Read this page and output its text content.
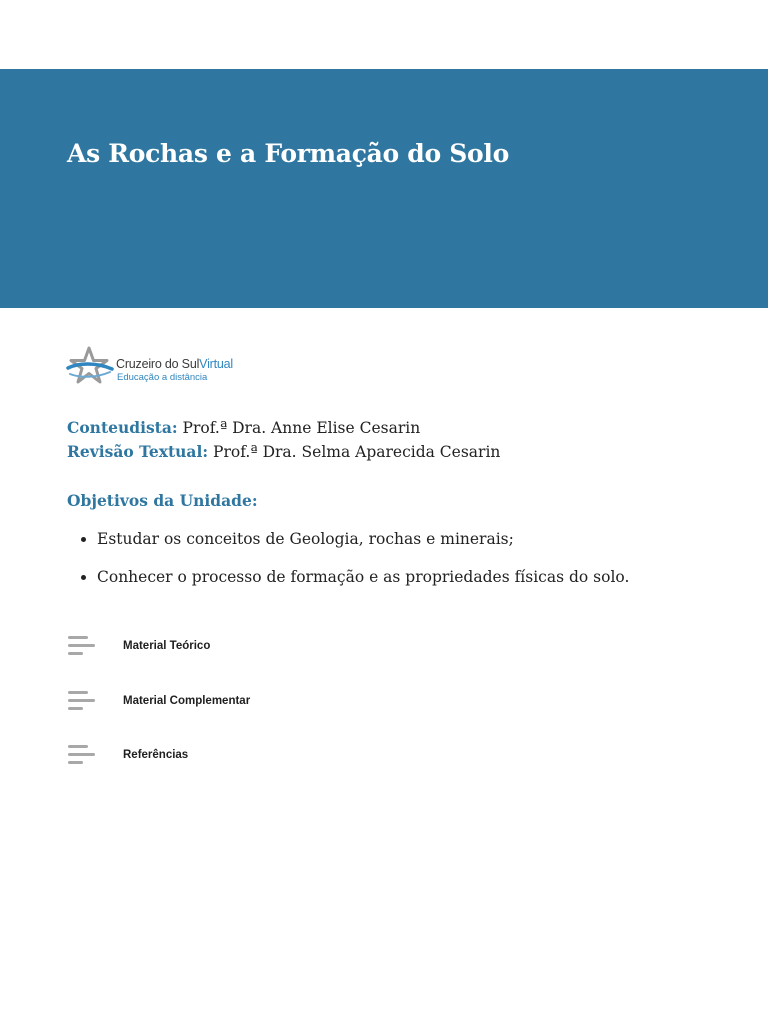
As Rochas e a Formação do Solo
Cruzeiro do SulVirtual
Educação a distância
Conteudista: Prof.ª Dra. Anne Elise Cesarin
Revisão Textual: Prof.ª Dra. Selma Aparecida Cesarin
Objetivos da Unidade:
Estudar os conceitos de Geologia, rochas e minerais;
Conhecer o processo de formação e as propriedades físicas do solo.
Material Teórico
Material Complementar
Referências
